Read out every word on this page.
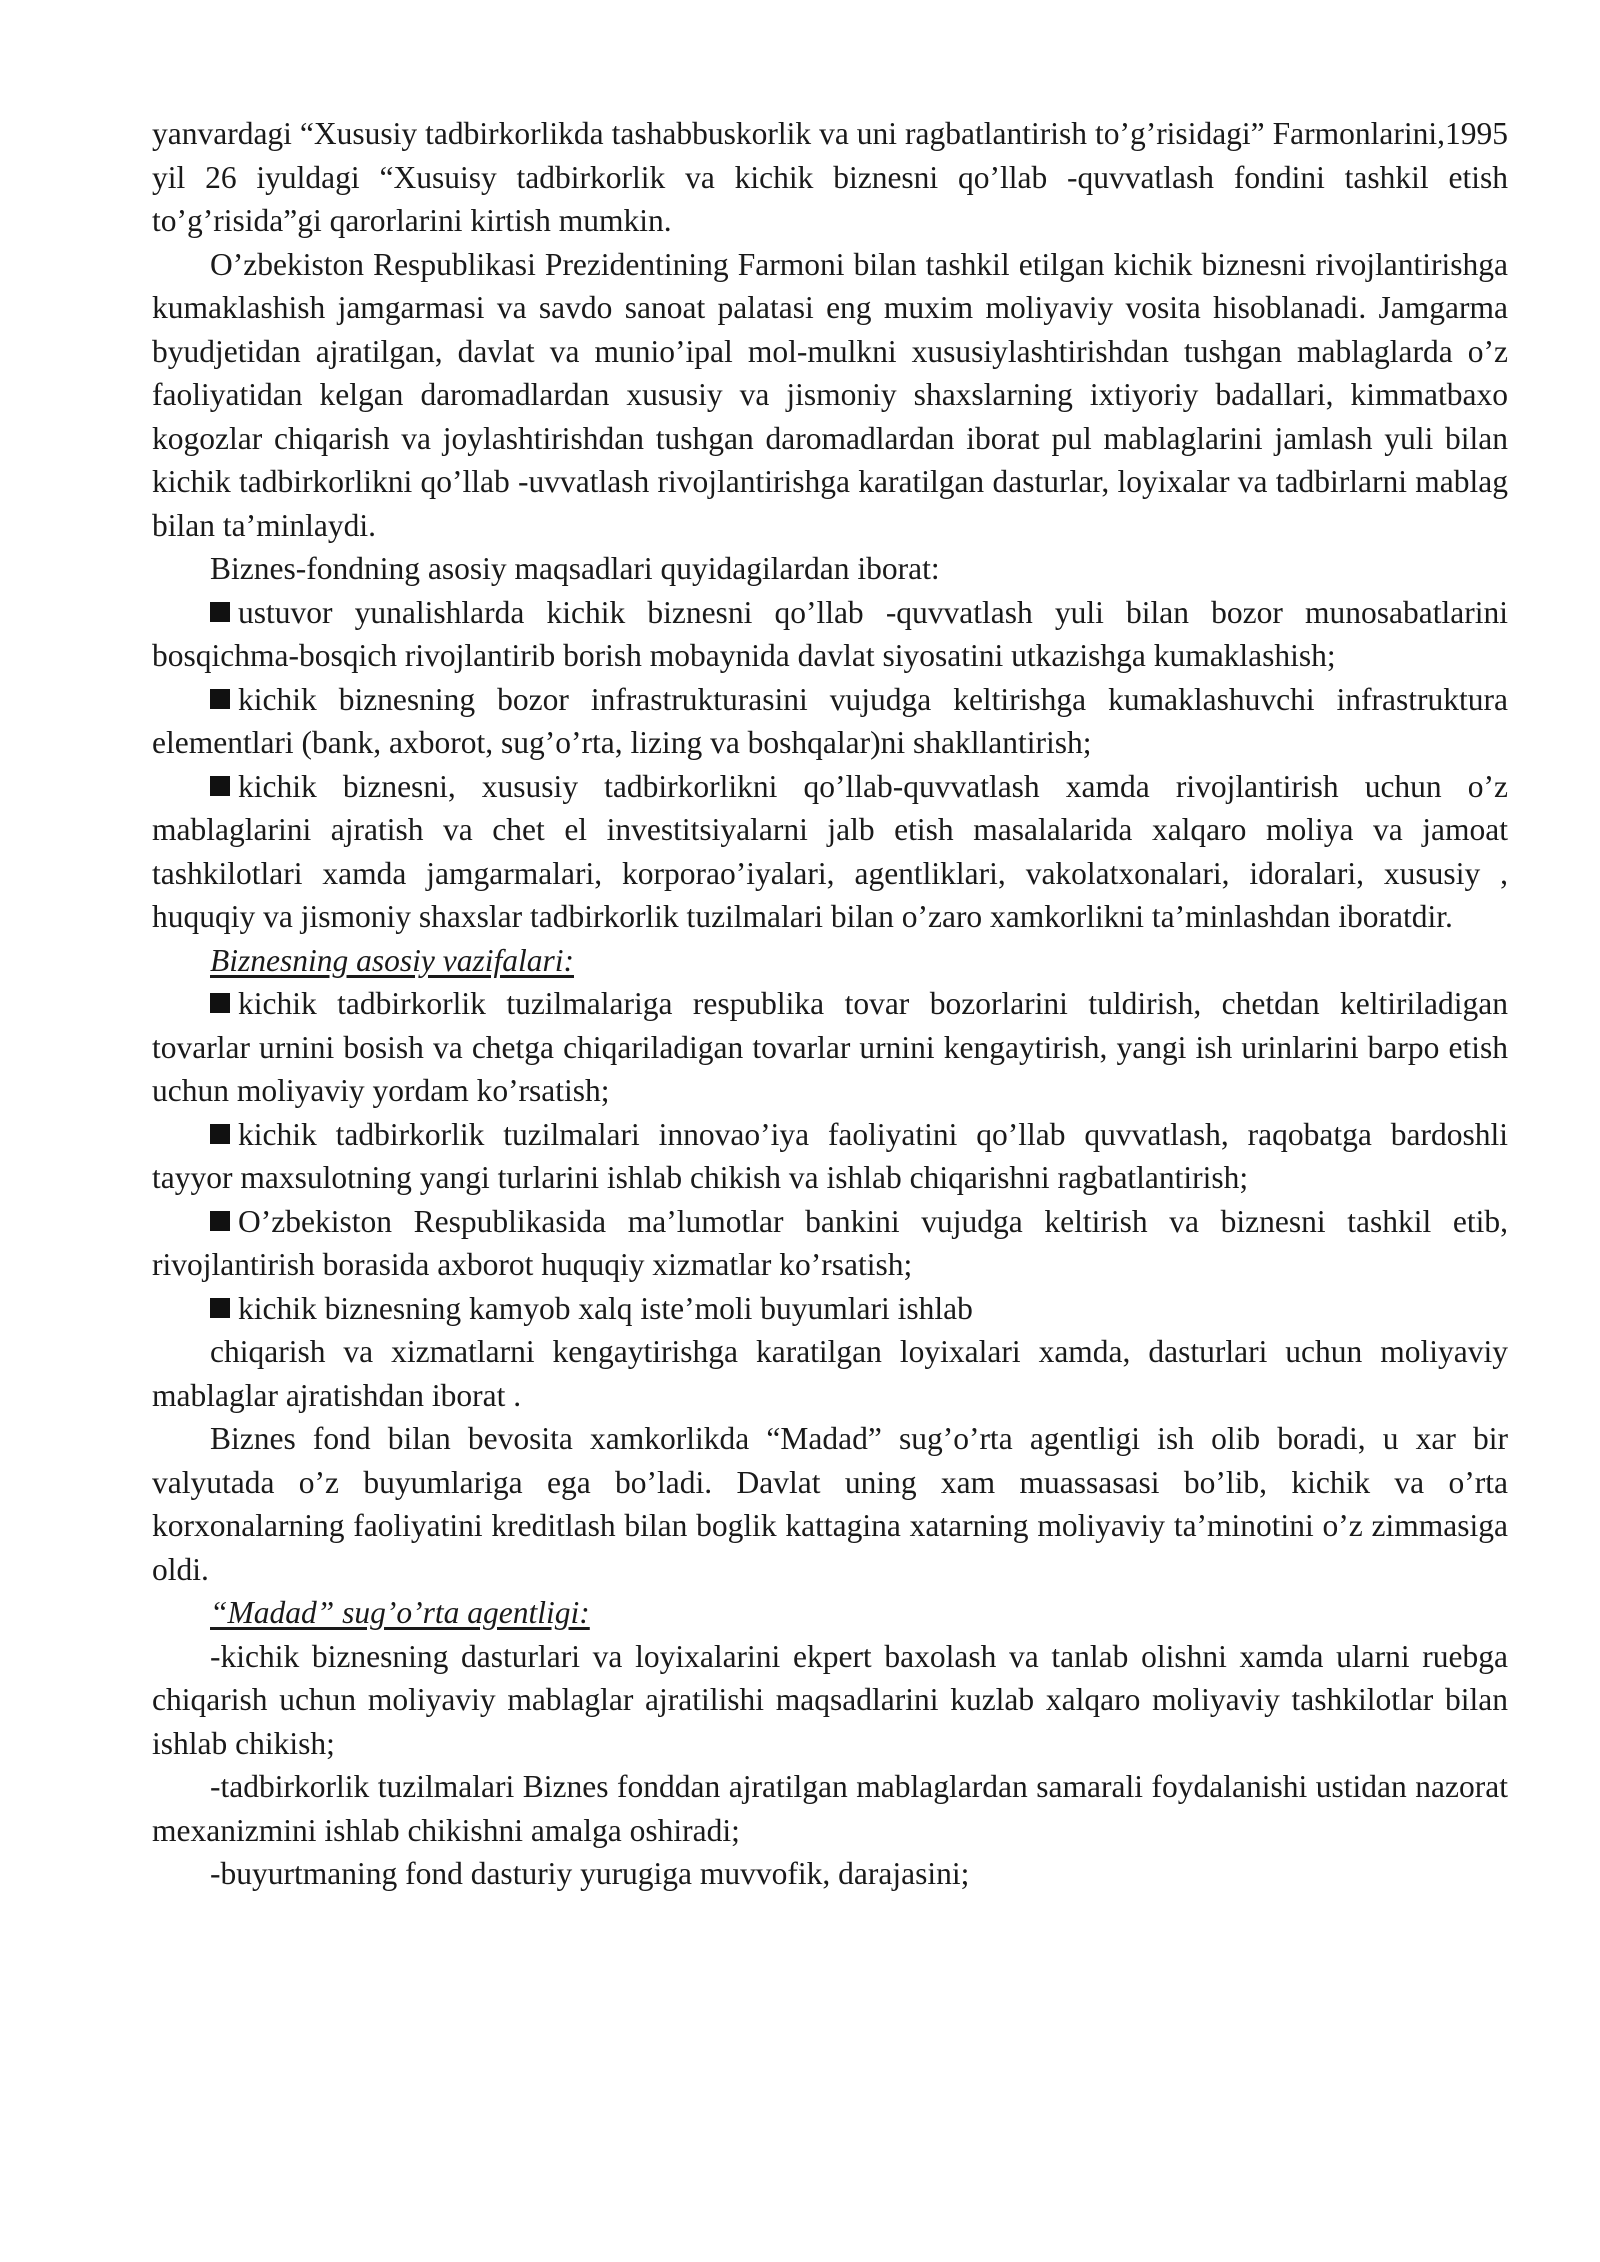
yanvardagi “Xususiy tadbirkorlikda tashabbuskorlik va uni ragbatlantirish to’g’risidagi” Farmonlarini,1995 yil 26 iyuldagi “Xusuisy tadbirkorlik va kichik biznesni qo’llab -quvvatlash fondini tashkil etish to’g’risida”gi qarorlarini kirtish mumkin.

O’zbekiston Respublikasi Prezidentining Farmoni bilan tashkil etilgan kichik biznesni rivojlantirishga kumaklashish jamgarmasi va savdo sanoat palatasi eng muxim moliyaviy vosita hisoblanadi. Jamgarma byudjetidan ajratilgan, davlat va munio’ipal mol-mulkni xususiylashtirishdan tushgan mablaglarda o’z faoliyatidan kelgan daromadlardan xususiy va jismoniy shaxslarning ixtiyoriy badallari, kimmatbaxo kogozlar chiqarish va joylashtirishdan tushgan daromadlardan iborat pul mablaglarini jamlash yuli bilan kichik tadbirkorlikni qo’llab -uvvatlash rivojlantirishga karatilgan dasturlar, loyixalar va tadbirlarni mablag bilan ta’minlaydi.

Biznes-fondning asosiy maqsadlari quyidagilardan iborat:

ustuvor yunalishlarda kichik biznesni qo’llab -quvvatlash yuli bilan bozor munosabatlarini bosqichma-bosqich rivojlantirib borish mobaynida davlat siyosatini utkazishga kumaklashish;

kichik biznesning bozor infrastrukturasini vujudga keltirishga kumaklashuvchi infrastruktura elementlari (bank, axborot, sug’o’rta, lizing va boshqalar)ni shakllantirish;

kichik biznesni, xususiy tadbirkorlikni qo’llab-quvvatlash xamda rivojlantirish uchun o’z mablaglarini ajratish va chet el investitsiyalarni jalb etish masalalarida xalqaro moliya va jamoat tashkilotlari xamda jamgarmalari, korporao’iyalari, agentliklari, vakolatxonalari, idoralari, xususiy , huquqiy va jismoniy shaxslar tadbirkorlik tuzilmalari bilan o’zaro xamkorlikni ta’minlashdan iboratdir.

Biznesning asosiy vazifalari:

kichik tadbirkorlik tuzilmalariga respublika tovar bozorlarini tuldirish, chetdan keltiriladigan tovarlar urnini bosish va chetga chiqariladigan tovarlar urnini kengaytirish, yangi ish urinlarini barpo etish uchun moliyaviy yordam ko’rsatish;

kichik tadbirkorlik tuzilmalari innovao’iya faoliyatini qo’llab quvvatlash, raqobatga bardoshli tayyor maxsulotning yangi turlarini ishlab chikish va ishlab chiqarishni ragbatlantirish;

O’zbekiston Respublikasida ma’lumotlar bankini vujudga keltirish va biznesni tashkil etib, rivojlantirish borasida axborot huquqiy xizmatlar ko’rsatish;

kichik biznesning kamyob xalq iste’moli buyumlari ishlab

chiqarish va xizmatlarni kengaytirishga karatilgan loyixalari xamda, dasturlari uchun moliyaviy mablaglar ajratishdan iborat .

Biznes fond bilan bevosita xamkorlikda “Madad” sug’o’rta agentligi ish olib boradi, u xar bir valyutada o’z buyumlariga ega bo’ladi. Davlat uning xam muassasasi bo’lib, kichik va o’rta korxonalarning faoliyatini kreditlash bilan boglik kattagina xatarning moliyaviy ta’minotini o’z zimmasiga oldi.

“Madad” sug’o’rta agentligi:

-kichik biznesning dasturlari va loyixalarini ekpert baxolash va tanlab olishni xamda ularni ruebga chiqarish uchun moliyaviy mablaglar ajratilishi maqsadlarini kuzlab xalqaro moliyaviy tashkilotlar bilan ishlab chikish;

-tadbirkorlik tuzilmalari Biznes fonddan ajratilgan mablaglardan samarali foydalanishi ustidan nazorat mexanizmini ishlab chikishni amalga oshiradi;

-buyurtmaning fond dasturiy yurugiga muvvofik, darajasini;
